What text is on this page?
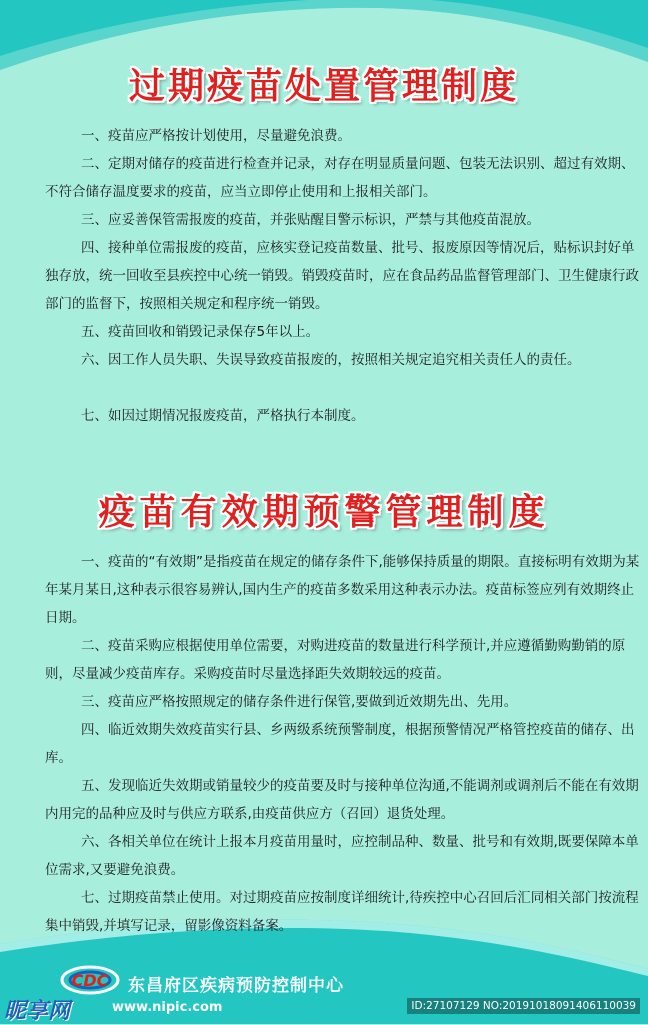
过期疫苗处置管理制度
一、疫苗应严格按计划使用，尽量避免浪费。
二、定期对储存的疫苗进行检查并记录，对存在明显质量问题、包装无法识别、超过有效期、不符合储存温度要求的疫苗，应当立即停止使用和上报相关部门。
三、应妥善保管需报废的疫苗，并张贴醒目警示标识，严禁与其他疫苗混放。
四、接种单位需报废的疫苗，应核实登记疫苗数量、批号、报废原因等情况后，贴标识封好单独存放，统一回收至县疾控中心统一销毁。销毁疫苗时，应在食品药品监督管理部门、卫生健康行政部门的监督下，按照相关规定和程序统一销毁。
五、疫苗回收和销毁记录保存5年以上。
六、因工作人员失职、失误导致疫苗报废的，按照相关规定追究相关责任人的责任。
七、如因过期情况报废疫苗，严格执行本制度。
疫苗有效期预警管理制度
一、疫苗的“有效期”是指疫苗在规定的储存条件下,能够保持质量的期限。直接标明有效期为某年某月某日,这种表示很容易辨认,国内生产的疫苗多数采用这种表示办法。疫苗标签应列有效期终止日期。
二、疫苗采购应根据使用单位需要，对购进疫苗的数量进行科学预计,并应遵循勤购勤销的原则，尽量减少疫苗库存。采购疫苗时尽量选择距失效期较远的疫苗。
三、疫苗应严格按照规定的储存条件进行保管,要做到近效期先出、先用。
四、临近效期失效疫苗实行县、乡两级系统预警制度，根据预警情况严格管控疫苗的储存、出库。
五、发现临近失效期或销量较少的疫苗要及时与接种单位沟通,不能调剂或调剂后不能在有效期内用完的品种应及时与供应方联系,由疫苗供应方（召回）退货处理。
六、各相关单位在统计上报本月疫苗用量时，应控制品种、数量、批号和有效期,既要保障本单位需求,又要避免浪费。
七、过期疫苗禁止使用。对过期疫苗应按制度详细统计,待疾控中心召回后汇同相关部门按流程集中销毁,并填写记录，留影像资料备案。
CDC 东昌府区疾病预防控制中心
昵享网	www.nipic.com	ID:27107129 NO:20191018091406110039
